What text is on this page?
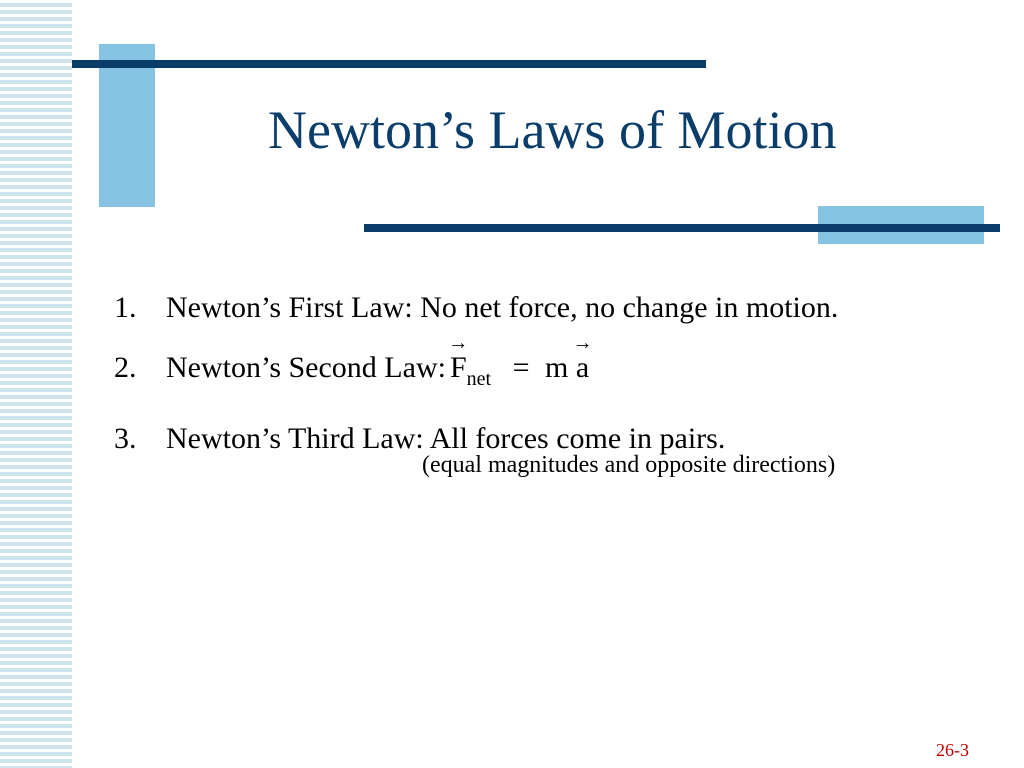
Newton’s Laws of Motion
1. Newton’s First Law: No net force, no change in motion.
2. Newton’s Second Law:
→
$F_{net} = m$
→
a
3. Newton’s Third Law: All forces come in pairs.

(equal magnitudes and opposite directions)

26-3
